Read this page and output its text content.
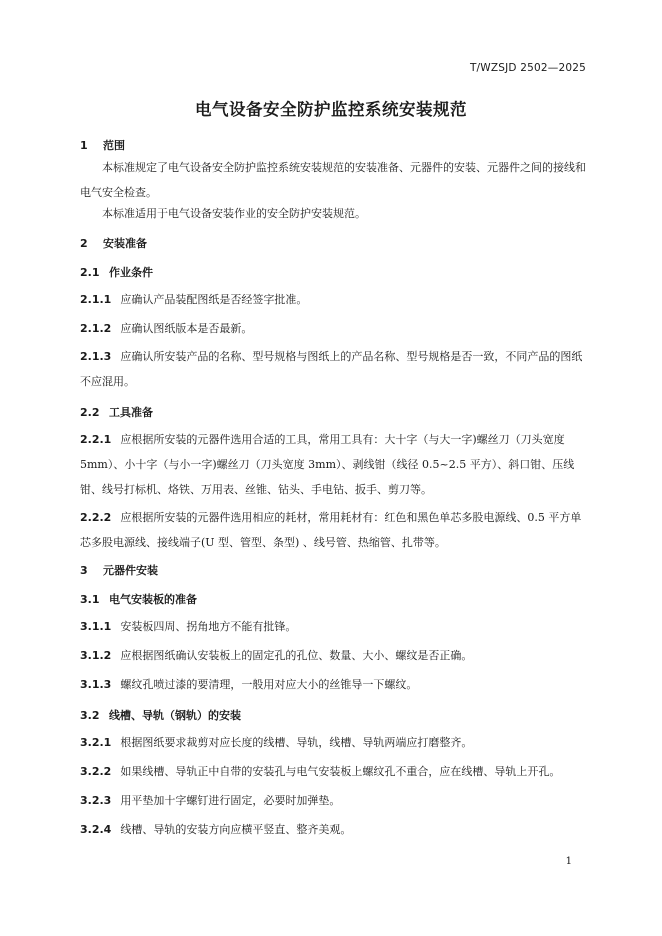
T/WZSJD 2502—2025
电气设备安全防护监控系统安装规范
1 范围
本标准规定了电气设备安全防护监控系统安装规范的安装准备、元器件的安装、元器件之间的接线和电气安全检查。
本标准适用于电气设备安装作业的安全防护安装规范。
2 安装准备
2.1 作业条件
2.1.1 应确认产品装配图纸是否经签字批准。
2.1.2 应确认图纸版本是否最新。
2.1.3 应确认所安装产品的名称、型号规格与图纸上的产品名称、型号规格是否一致，不同产品的图纸不应混用。
2.2 工具准备
2.2.1 应根据所安装的元器件选用合适的工具，常用工具有：大十字（与大一字)螺丝刀（刀头宽度 5mm）、小十字（与小一字)螺丝刀（刀头宽度 3mm）、剥线钳（线径 0.5~2.5 平方）、斜口钳、压线钳、线号打标机、烙铁、万用表、丝锥、钻头、手电钻、扳手、剪刀等。
2.2.2 应根据所安装的元器件选用相应的耗材，常用耗材有：红色和黑色单芯多股电源线、0.5 平方单芯多股电源线、接线端子(U 型、管型、条型) 、线号管、热缩管、扎带等。
3 元器件安装
3.1 电气安装板的准备
3.1.1 安装板四周、拐角地方不能有批锋。
3.1.2 应根据图纸确认安装板上的固定孔的孔位、数量、大小、螺纹是否正确。
3.1.3 螺纹孔喷过漆的要清理，一般用对应大小的丝锥导一下螺纹。
3.2 线槽、导轨（钢轨）的安装
3.2.1 根据图纸要求裁剪对应长度的线槽、导轨，线槽、导轨两端应打磨整齐。
3.2.2 如果线槽、导轨正中自带的安装孔与电气安装板上螺纹孔不重合，应在线槽、导轨上开孔。
3.2.3 用平垫加十字螺钉进行固定，必要时加弹垫。
3.2.4 线槽、导轨的安装方向应横平竖直、整齐美观。
1
